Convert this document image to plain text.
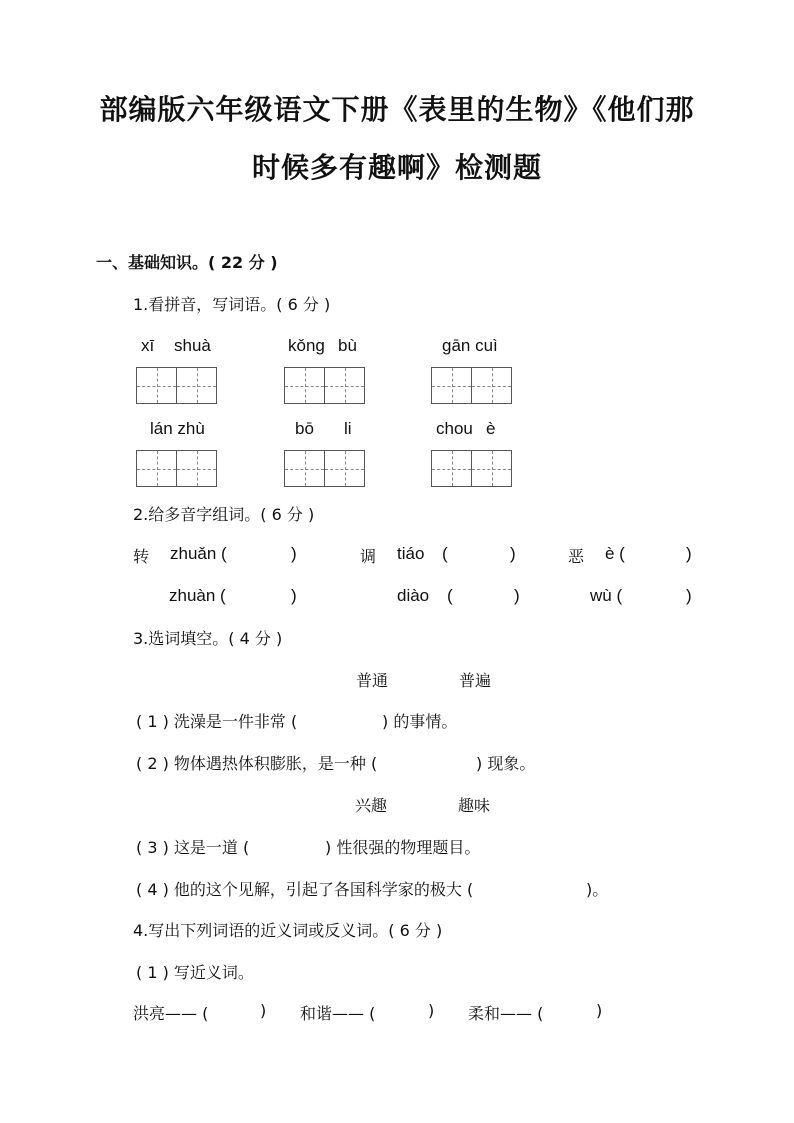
部编版六年级语文下册《表里的生物》《他们那
时候多有趣啊》检测题
一、基础知识。( 22 分 )
1.看拼音，写词语。( 6 分 )
xī shuà	kǒng bù	gān cuì
lán zhù	bō li	chou è
2.给多音字组词。( 6 分 )
转 zhuǎn (	)	调 tiáo (	)	恶 è (	)
zhuàn (	)	diào (	)	wù (	)
3.选词填空。( 4 分 )
普通	普遍
( 1 ) 洗澡是一件非常 (	) 的事情。
( 2 ) 物体遇热体积膨胀，是一种 (	) 现象。
兴趣	趣味
( 3 ) 这是一道 (	) 性很强的物理题目。
( 4 ) 他的这个见解，引起了各国科学家的极大 (	)。
4.写出下列词语的近义词或反义词。( 6 分 )
( 1 ) 写近义词。
洪亮—— (	) 和谐—— (	) 柔和—— (	)
